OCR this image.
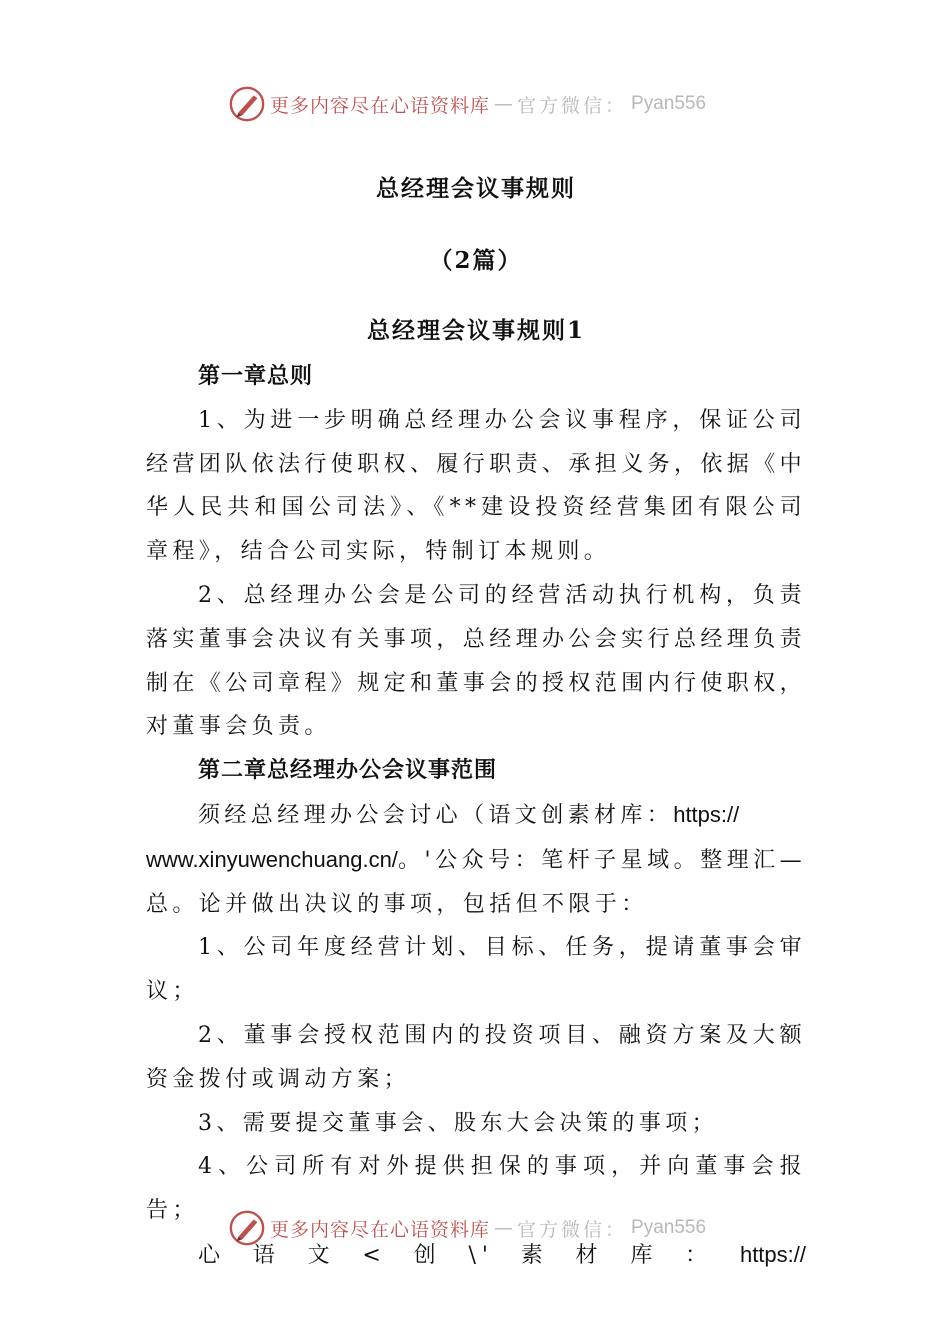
更多内容尽在心语资料库 — 官方微信： Pyan556
总经理会议事规则
（2篇）
总经理会议事规则1

第一章总则

1、为进一步明确总经理办公会议事程序，保证公司经营团队依法行使职权、履行职责、承担义务，依据《中华人民共和国公司法》、《**建设投资经营集团有限公司章程》，结合公司实际，特制订本规则。

2、总经理办公会是公司的经营活动执行机构，负责落实董事会决议有关事项，总经理办公会实行总经理负责制在《公司章程》规定和董事会的授权范围内行使职权，对董事会负责。

第二章总经理办公会议事范围

须经总经理办公会讨心（语文创素材库：https://
www.xinyuwenchuang.cn/。'公众号：笔杆子星域。整理汇—总。论并做出决议的事项，包括但不限于：

1、公司年度经营计划、目标、任务，提请董事会审议；

2、董事会授权范围内的投资项目、融资方案及大额资金拨付或调动方案；

3、需要提交董事会、股东大会决策的事项；

4、公司所有对外提供担保的事项，并向董事会报告；

心语文<创\'素材库：https://

更多内容尽在心语资料库 — 官方微信： Pyan556
